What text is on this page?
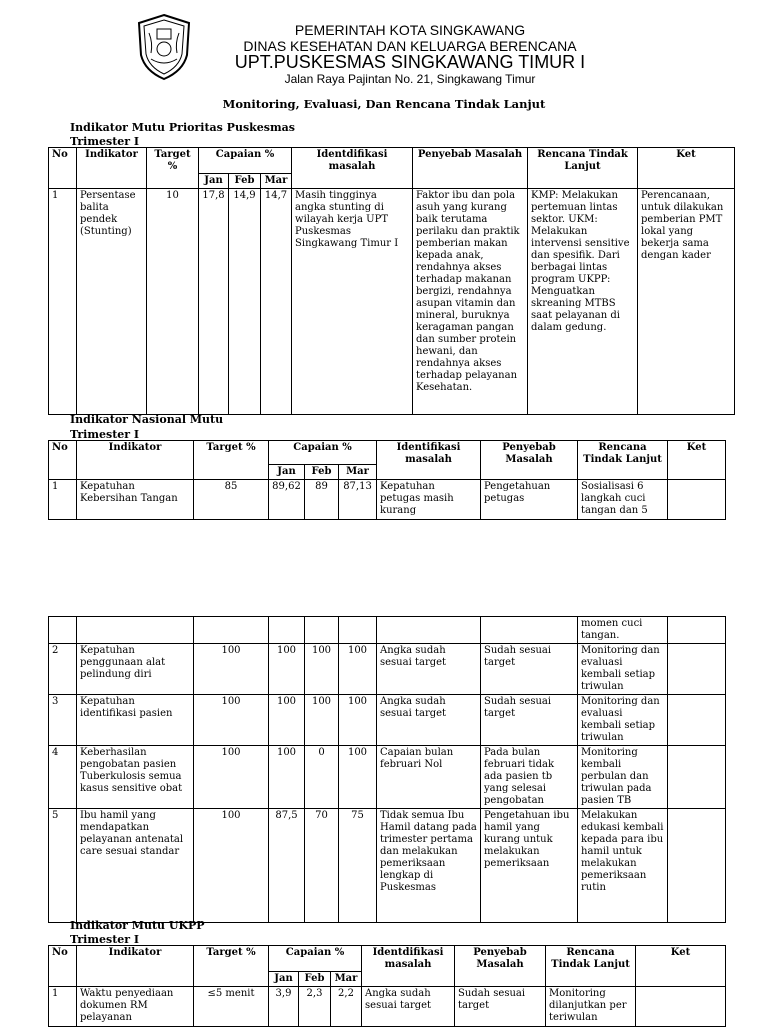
PEMERINTAH KOTA SINGKAWANG
DINAS KESEHATAN DAN KELUARGA BERENCANA
UPT.PUSKESMAS SINGKAWANG TIMUR I
Jalan Raya Pajintan No. 21, Singkawang Timur
Monitoring, Evaluasi, Dan Rencana Tindak Lanjut
Indikator Mutu Prioritas Puskesmas
Trimester I
No	Indikator	Target %	Capaian %			Identdifikasi masalah	Penyebab Masalah	Rencana Tindak Lanjut	Ket
			Jan	Feb	Mar				
1	Persentase balita pendek (Stunting)	10	17,8	14,9	14,7	Masih tingginya angka stunting di wilayah kerja UPT Puskesmas Singkawang Timur I	Faktor ibu dan pola asuh yang kurang baik terutama perilaku dan praktik pemberian makan kepada anak, rendahnya akses terhadap makanan bergizi, rendahnya asupan vitamin dan mineral, buruknya keragaman pangan dan sumber protein hewani, dan rendahnya akses terhadap pelayanan Kesehatan.	KMP: Melakukan pertemuan lintas sektor. UKM: Melakukan intervensi sensitive dan spesifik. Dari berbagai lintas program UKPP: Menguatkan skreaning MTBS saat pelayanan di dalam gedung.	Perencanaan, untuk dilakukan pemberian PMT lokal yang bekerja sama dengan kader
Indikator Nasional Mutu
Trimester I
No	Indikator	Target %	Capaian %			Identifikasi masalah	Penyebab Masalah	Rencana Tindak Lanjut	Ket
			Jan	Feb	Mar				
1	Kepatuhan Kebersihan Tangan	85	89,62	89	87,13	Kepatuhan petugas masih kurang	Pengetahuan petugas	Sosialisasi 6 langkah cuci tangan dan 5	
								momen cuci tangan.	
2	Kepatuhan penggunaan alat pelindung diri	100	100	100	100	Angka sudah sesuai target	Sudah sesuai target	Monitoring dan evaluasi kembali setiap triwulan	
3	Kepatuhan identifikasi pasien	100	100	100	100	Angka sudah sesuai target	Sudah sesuai target	Monitoring dan evaluasi kembali setiap triwulan	
4	Keberhasilan pengobatan pasien Tuberkulosis semua kasus sensitive obat	100	100	0	100	Capaian bulan februari Nol	Pada bulan februari tidak ada pasien tb yang selesai pengobatan	Monitoring kembali perbulan dan triwulan pada pasien TB	
5	Ibu hamil yang mendapatkan pelayanan antenatal care sesuai standar	100	87,5	70	75	Tidak semua Ibu Hamil datang pada trimester pertama dan melakukan pemeriksaan lengkap di Puskesmas	Pengetahuan ibu hamil yang kurang untuk melakukan pemeriksaan	Melakukan edukasi kembali kepada para ibu hamil untuk melakukan pemeriksaan rutin	
Indikator Mutu UKPP
Trimester I
No	Indikator	Target %	Capaian %			Identdifikasi masalah	Penyebab Masalah	Rencana Tindak Lanjut	Ket
			Jan	Feb	Mar				
1	Waktu penyediaan dokumen RM pelayanan	≤5 menit	3,9	2,3	2,2	Angka sudah sesuai target	Sudah sesuai target	Monitoring dilanjutkan per teriwulan	
